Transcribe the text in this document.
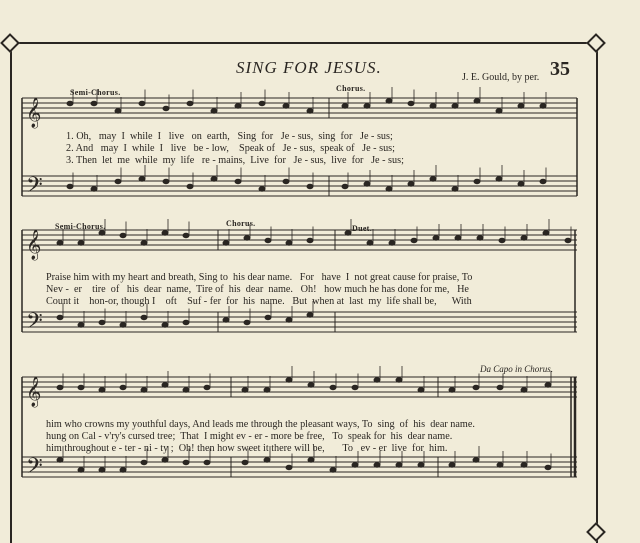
SING FOR JESUS.	35
J. E. Gould, by per.
Semi-Chorus.	Chorus.
Semi-Chorus.	Chorus.
Duet.
Da Capo in Chorus.
𝄞
𝄢
𝄞
𝄢
𝄞
𝄢
1. Oh,   may  I  while  I   live   on  earth,   Sing  for   Je - sus,  sing  for   Je - sus;
2. And   may  I  while  I   live   be - low,    Speak of   Je - sus,  speak of   Je - sus;
3. Then  let  me  while  my  life   re - mains,  Live  for   Je - sus,  live  for   Je - sus;
Praise him with my heart and breath, Sing to  his dear name.   For   have  I  not great cause for praise, To
Nev -  er    tire  of   his  dear  name,  Tire of  his  dear  name.   Oh!   how much he has done for me,   He
Count it    hon-or, though I    oft    Suf - fer  for  his  name.   But  when at  last  my  life shall be,      With
him who crowns my youthful days, And leads me through the pleasant ways, To  sing  of  his  dear name.
hung on Cal - v'ry's cursed tree;  That  I might ev - er - more be free,   To  speak for  his  dear name.
him throughout e - ter - ni - ty ;  Oh! then how sweet it there will be,       To   ev - er  live  for  him.
